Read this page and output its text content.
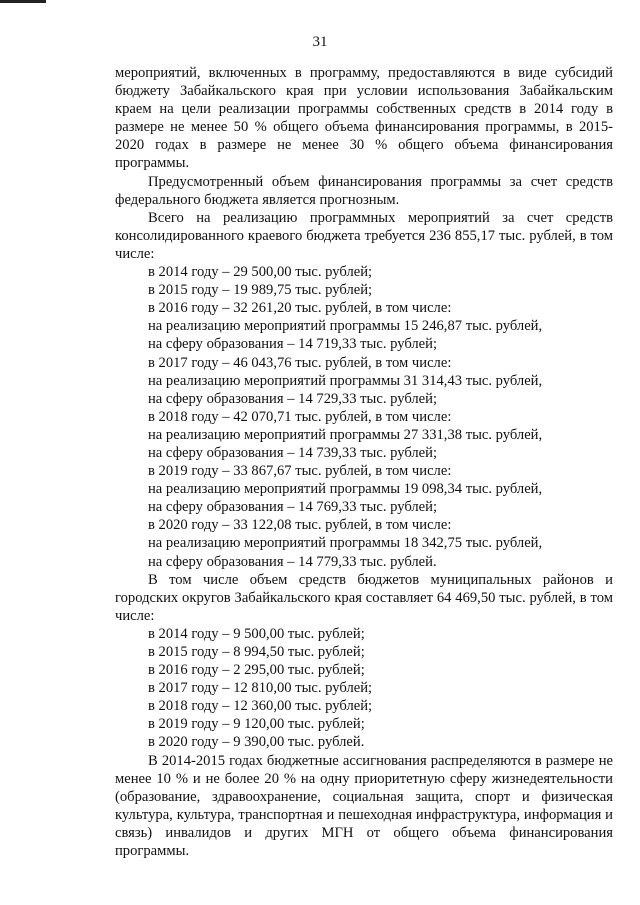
31

мероприятий, включенных в программу, предоставляются в виде субсидий бюджету Забайкальского края при условии использования Забайкальским краем на цели реализации программы собственных средств в 2014 году в размере не менее 50 % общего объема финансирования программы, в 2015-2020 годах в размере не менее 30 % общего объема финансирования программы.

Предусмотренный объем финансирования программы за счет средств федерального бюджета является прогнозным.

Всего на реализацию программных мероприятий за счет средств консолидированного краевого бюджета требуется 236 855,17 тыс. рублей, в том числе:

в 2014 году – 29 500,00 тыс. рублей;

в 2015 году – 19 989,75 тыс. рублей;

в 2016 году – 32 261,20 тыс. рублей, в том числе:

на реализацию мероприятий программы 15 246,87 тыс. рублей,

на сферу образования – 14 719,33 тыс. рублей;

в 2017 году – 46 043,76 тыс. рублей, в том числе:

на реализацию мероприятий программы 31 314,43 тыс. рублей,

на сферу образования – 14 729,33 тыс. рублей;

в 2018 году – 42 070,71 тыс. рублей, в том числе:

на реализацию мероприятий программы 27 331,38 тыс. рублей,

на сферу образования – 14 739,33 тыс. рублей;

в 2019 году – 33 867,67 тыс. рублей, в том числе:

на реализацию мероприятий программы 19 098,34 тыс. рублей,

на сферу образования – 14 769,33 тыс. рублей;

в 2020 году – 33 122,08 тыс. рублей, в том числе:

на реализацию мероприятий программы 18 342,75 тыс. рублей,

на сферу образования – 14 779,33 тыс. рублей.

В том числе объем средств бюджетов муниципальных районов и городских округов Забайкальского края составляет 64 469,50 тыс. рублей, в том числе:

в 2014 году – 9 500,00 тыс. рублей;

в 2015 году – 8 994,50 тыс. рублей;

в 2016 году – 2 295,00 тыс. рублей;

в 2017 году – 12 810,00 тыс. рублей;

в 2018 году – 12 360,00 тыс. рублей;

в 2019 году – 9 120,00 тыс. рублей;

в 2020 году – 9 390,00 тыс. рублей.

В 2014-2015 годах бюджетные ассигнования распределяются в размере не менее 10 % и не более 20 % на одну приоритетную сферу жизнедеятельности (образование, здравоохранение, социальная защита, спорт и физическая культура, культура, транспортная и пешеходная инфраструктура, информация и связь) инвалидов и других МГН от общего объема финансирования программы.
